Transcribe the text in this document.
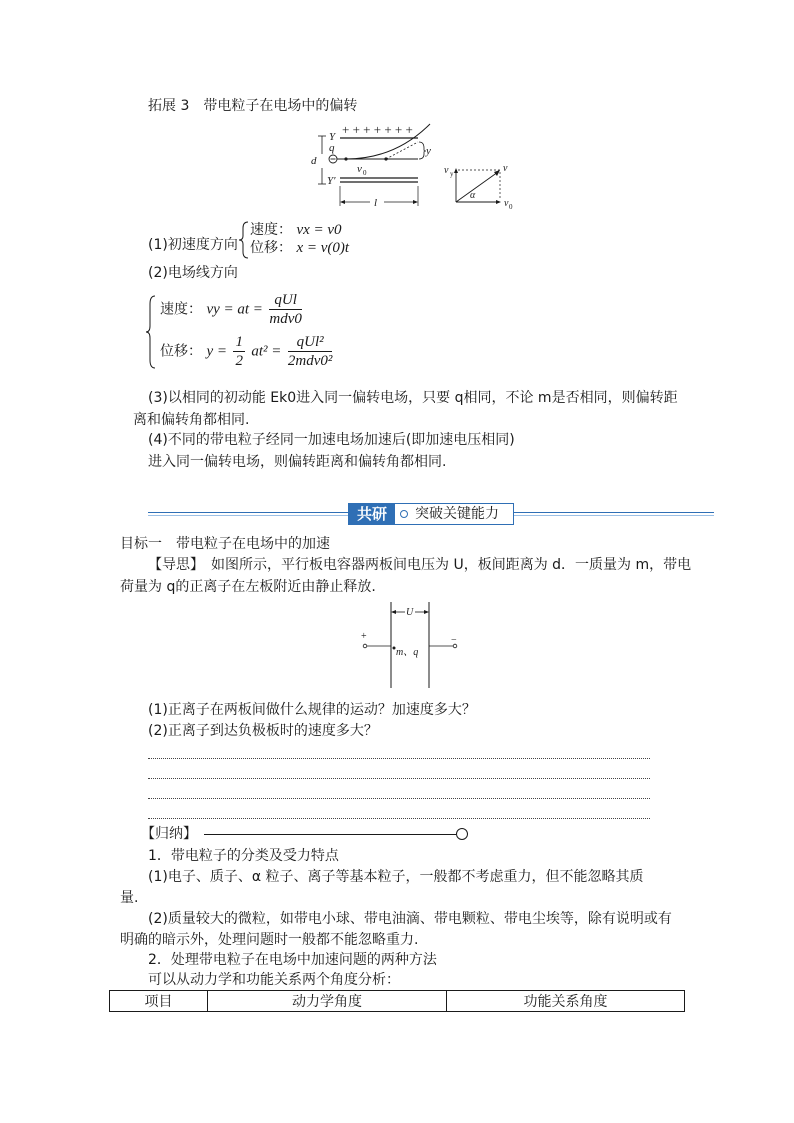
拓展 3　带电粒子在电场中的偏转
+ + + + + + +
Y
q
d
v 0
Y′
y
l
v y	v
α
v 0
(1)初速度方向
速度： vx = v0
位移： x = v(0)t
(2)电场线方向
速度： vy = at = $\frac{\text{qUl}}{\text{mdv0}}$
位移： $y = \frac{1}{2} at^2 = \frac{\text{qUl²}}{\text{2mdv0²}}$
(3)以相同的初动能 Ek0进入同一偏转电场，只要 q相同，不论 m是否相同，则偏转距
离和偏转角都相同.
(4)不同的带电粒子经同一加速电场加速后(即加速电压相同)
进入同一偏转电场，则偏转距离和偏转角都相同.
共研	突破关键能力
目标一　带电粒子在电场中的加速
【导思】　如图所示，平行板电容器两板间电压为 U，板间距离为 d．一质量为 m，带电
荷量为 q的正离子在左板附近由静止释放.
U
+	−
m、q
(1)正离子在两板间做什么规律的运动？加速度多大？
(2)正离子到达负极板时的速度多大？
【归纳】
1．带电粒子的分类及受力特点
(1)电子、质子、α 粒子、离子等基本粒子，一般都不考虑重力，但不能忽略其质
量.
(2)质量较大的微粒，如带电小球、带电油滴、带电颗粒、带电尘埃等，除有说明或有
明确的暗示外，处理问题时一般都不能忽略重力.
2．处理带电粒子在电场中加速问题的两种方法
可以从动力学和功能关系两个角度分析：
项目	动力学角度	功能关系角度
